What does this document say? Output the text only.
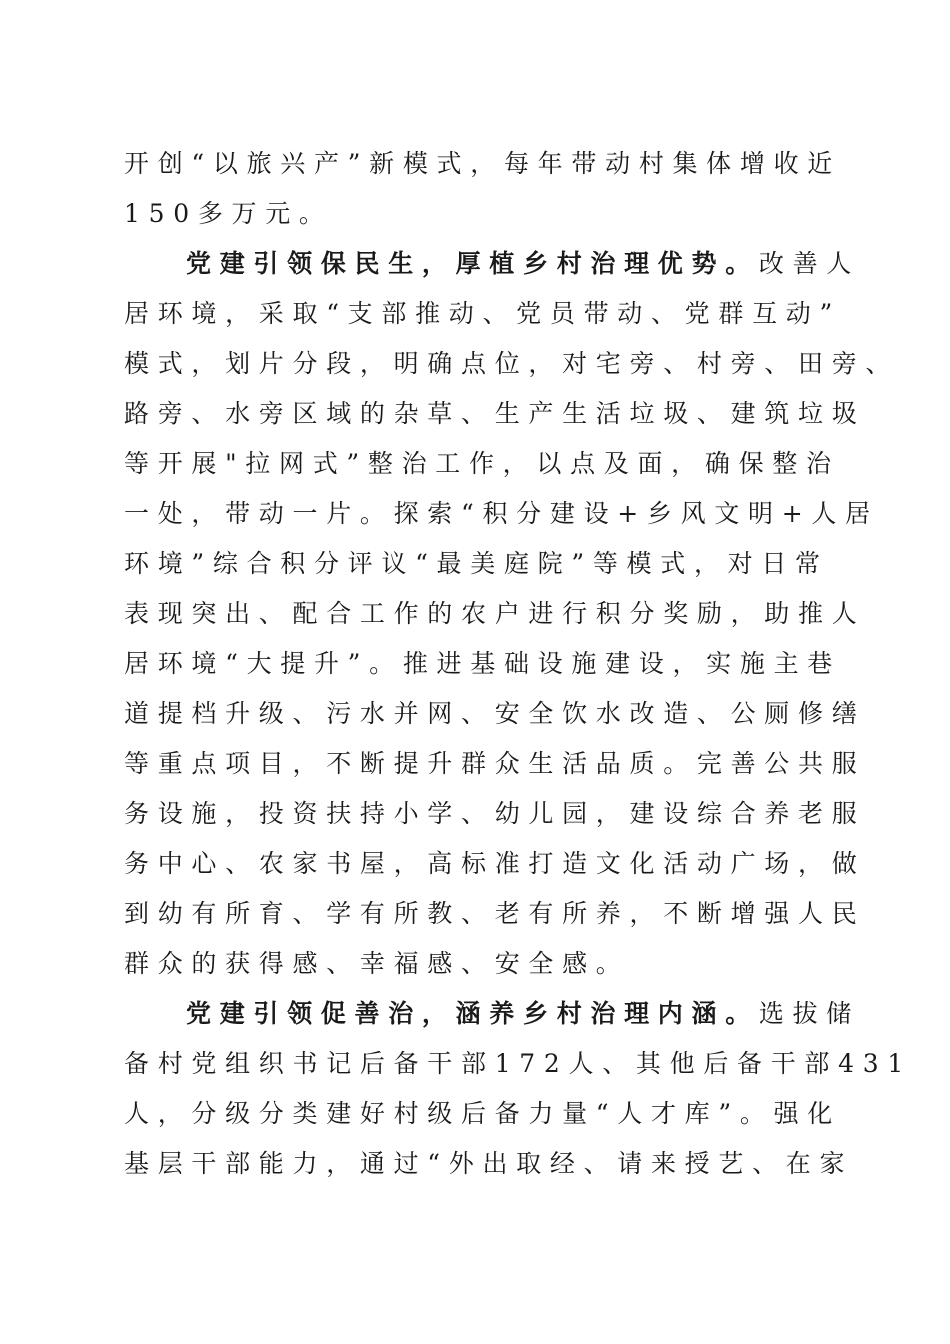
开创“以旅兴产”新模式，每年带动村集体增收近
150多万元。
党建引领保民生，厚植乡村治理优势。改善人
居环境，采取“支部推动、党员带动、党群互动”
模式，划片分段，明确点位，对宅旁、村旁、田旁、
路旁、水旁区域的杂草、生产生活垃圾、建筑垃圾
等开展"拉网式”整治工作，以点及面，确保整治
一处，带动一片。探索“积分建设+乡风文明+人居
环境”综合积分评议“最美庭院”等模式，对日常
表现突出、配合工作的农户进行积分奖励，助推人
居环境“大提升”。推进基础设施建设，实施主巷
道提档升级、污水并网、安全饮水改造、公厕修缮
等重点项目，不断提升群众生活品质。完善公共服
务设施，投资扶持小学、幼儿园，建设综合养老服
务中心、农家书屋，高标准打造文化活动广场，做
到幼有所育、学有所教、老有所养，不断增强人民
群众的获得感、幸福感、安全感。
党建引领促善治，涵养乡村治理内涵。选拔储
备村党组织书记后备干部172人、其他后备干部431
人，分级分类建好村级后备力量“人才库”。强化
基层干部能力，通过“外出取经、请来授艺、在家
